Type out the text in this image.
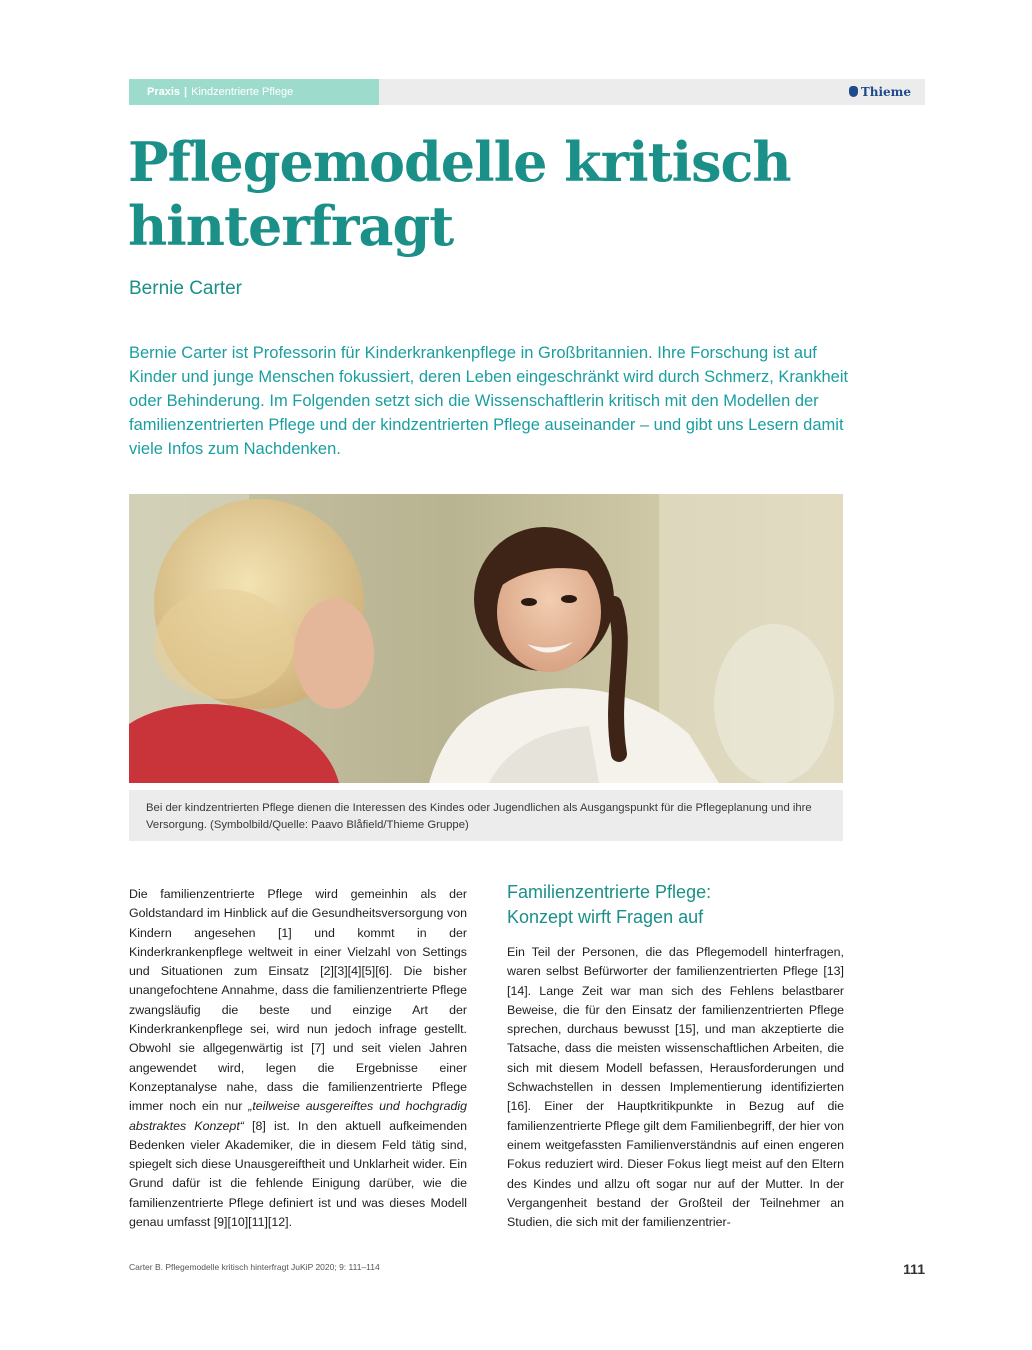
Praxis | Kindzentrierte Pflege	Thieme
Pflegemodelle kritisch hinterfragt
Bernie Carter

Bernie Carter ist Professorin für Kinderkrankenpflege in Großbritannien. Ihre Forschung ist auf Kinder und junge Menschen fokussiert, deren Leben eingeschränkt wird durch Schmerz, Krankheit oder Behinderung. Im Folgenden setzt sich die Wissenschaftlerin kritisch mit den Modellen der familienzentrierten Pflege und der kindzentrierten Pflege auseinander – und gibt uns Lesern damit viele Infos zum Nachdenken.

Bei der kindzentrierten Pflege dienen die Interessen des Kindes oder Jugendlichen als Ausgangspunkt für die Pflegeplanung und ihre Versorgung. (Symbolbild/Quelle: Paavo Blåfield/Thieme Gruppe)

Die familienzentrierte Pflege wird gemeinhin als der Goldstandard im Hinblick auf die Gesundheitsversorgung von Kindern angesehen [1] und kommt in der Kinderkrankenpflege weltweit in einer Vielzahl von Settings und Situationen zum Einsatz [2][3][4][5][6]. Die bisher unangefochtene Annahme, dass die familienzentrierte Pflege zwangsläufig die beste und einzige Art der Kinderkrankenpflege sei, wird nun jedoch infrage gestellt. Obwohl sie allgegenwärtig ist [7] und seit vielen Jahren angewendet wird, legen die Ergebnisse einer Konzeptanalyse nahe, dass die familienzentrierte Pflege immer noch ein nur „teilweise ausgereiftes und hochgradig abstraktes Konzept“ [8] ist. In den aktuell aufkeimenden Bedenken vieler Akademiker, die in diesem Feld tätig sind, spiegelt sich diese Unausgereiftheit und Unklarheit wider. Ein Grund dafür ist die fehlende Einigung darüber, wie die familienzentrierte Pflege definiert ist und was dieses Modell genau umfasst [9][10][11][12].

Familienzentrierte Pflege:
Konzept wirft Fragen auf

Ein Teil der Personen, die das Pflegemodell hinterfragen, waren selbst Befürworter der familienzentrierten Pflege [13][14]. Lange Zeit war man sich des Fehlens belastbarer Beweise, die für den Einsatz der familienzentrierten Pflege sprechen, durchaus bewusst [15], und man akzeptierte die Tatsache, dass die meisten wissenschaftlichen Arbeiten, die sich mit diesem Modell befassen, Herausforderungen und Schwachstellen in dessen Implementierung identifizierten [16]. Einer der Hauptkritikpunkte in Bezug auf die familienzentrierte Pflege gilt dem Familienbegriff, der hier von einem weitgefassten Familienverständnis auf einen engeren Fokus reduziert wird. Dieser Fokus liegt meist auf den Eltern des Kindes und allzu oft sogar nur auf der Mutter. In der Vergangenheit bestand der Großteil der Teilnehmer an Studien, die sich mit der familienzentrier-

Carter B. Pflegemodelle kritisch hinterfragt JuKiP 2020; 9: 111–114	111
